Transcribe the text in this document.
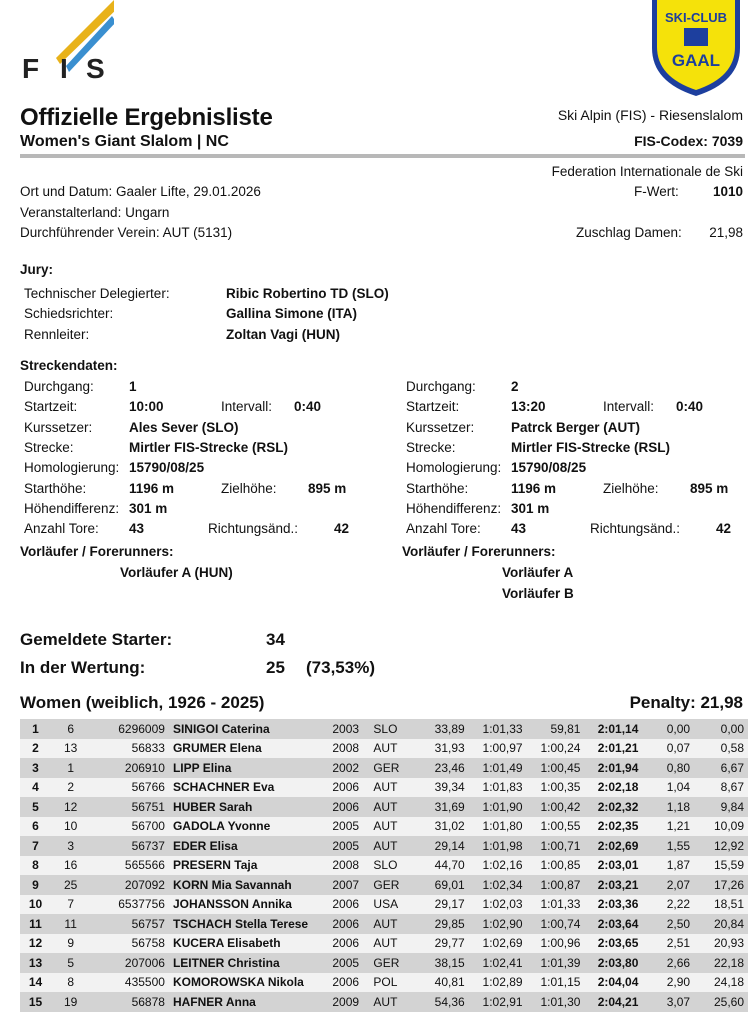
F I S
SKI-CLUB
GAAL
Offizielle Ergebnisliste
Women's Giant Slalom | NC
Ski Alpin (FIS) - Riesenslalom
FIS-Codex: 7039
Federation Internationale de Ski
F-Wert:	1010
Zuschlag Damen: 21,98
Ort und Datum: Gaaler Lifte, 29.01.2026
Veranstalterland: Ungarn
Durchführender Verein: AUT (5131)
Jury:
Technischer Delegierter:	Ribic Robertino TD (SLO)
Schiedsrichter:	Gallina Simone (ITA)
Rennleiter:	Zoltan Vagi (HUN)
Streckendaten:
Durchgang:	1
Startzeit:	10:00	Intervall: 0:40
Kurssetzer:	Ales Sever (SLO)
Strecke:	Mirtler FIS-Strecke (RSL)
Homologierung: 15790/08/25
Starthöhe:	1196 m	Zielhöhe: 895 m
Höhendifferenz: 301 m
Anzahl Tore: 43	Richtungsänd.:	42
Vorläufer / Forerunners:
Vorläufer A (HUN)
Durchgang:	2
Startzeit:	13:20	Intervall: 0:40
Kurssetzer:	Patrck Berger (AUT)
Strecke:	Mirtler FIS-Strecke (RSL)
Homologierung: 15790/08/25
Starthöhe:	1196 m	Zielhöhe: 895 m
Höhendifferenz: 301 m
Anzahl Tore: 43	Richtungsänd.:	42
Vorläufer / Forerunners:
Vorläufer A
Vorläufer B
Gemeldete Starter:	34
In der Wertung:	25 (73,53%)
Women (weiblich, 1926 - 2025)	Penalty: 21,98
1	6	6296009	SINIGOI Caterina	2003	SLO	33,89	1:01,33	59,81	2:01,14	0,00	0,00
2	13	56833	GRUMER Elena	2008	AUT	31,93	1:00,97	1:00,24	2:01,21	0,07	0,58
3	1	206910	LIPP Elina	2002	GER	23,46	1:01,49	1:00,45	2:01,94	0,80	6,67
4	2	56766	SCHACHNER Eva	2006	AUT	39,34	1:01,83	1:00,35	2:02,18	1,04	8,67
5	12	56751	HUBER Sarah	2006	AUT	31,69	1:01,90	1:00,42	2:02,32	1,18	9,84
6	10	56700	GADOLA Yvonne	2005	AUT	31,02	1:01,80	1:00,55	2:02,35	1,21	10,09
7	3	56737	EDER Elisa	2005	AUT	29,14	1:01,98	1:00,71	2:02,69	1,55	12,92
8	16	565566	PRESERN Taja	2008	SLO	44,70	1:02,16	1:00,85	2:03,01	1,87	15,59
9	25	207092	KORN Mia Savannah	2007	GER	69,01	1:02,34	1:00,87	2:03,21	2,07	17,26
10	7	6537756	JOHANSSON Annika	2006	USA	29,17	1:02,03	1:01,33	2:03,36	2,22	18,51
11	11	56757	TSCHACH Stella Terese	2006	AUT	29,85	1:02,90	1:00,74	2:03,64	2,50	20,84
12	9	56758	KUCERA Elisabeth	2006	AUT	29,77	1:02,69	1:00,96	2:03,65	2,51	20,93
13	5	207006	LEITNER Christina	2005	GER	38,15	1:02,41	1:01,39	2:03,80	2,66	22,18
14	8	435500	KOMOROWSKA Nikola	2006	POL	40,81	1:02,89	1:01,15	2:04,04	2,90	24,18
15	19	56878	HAFNER Anna	2009	AUT	54,36	1:02,91	1:01,30	2:04,21	3,07	25,60
